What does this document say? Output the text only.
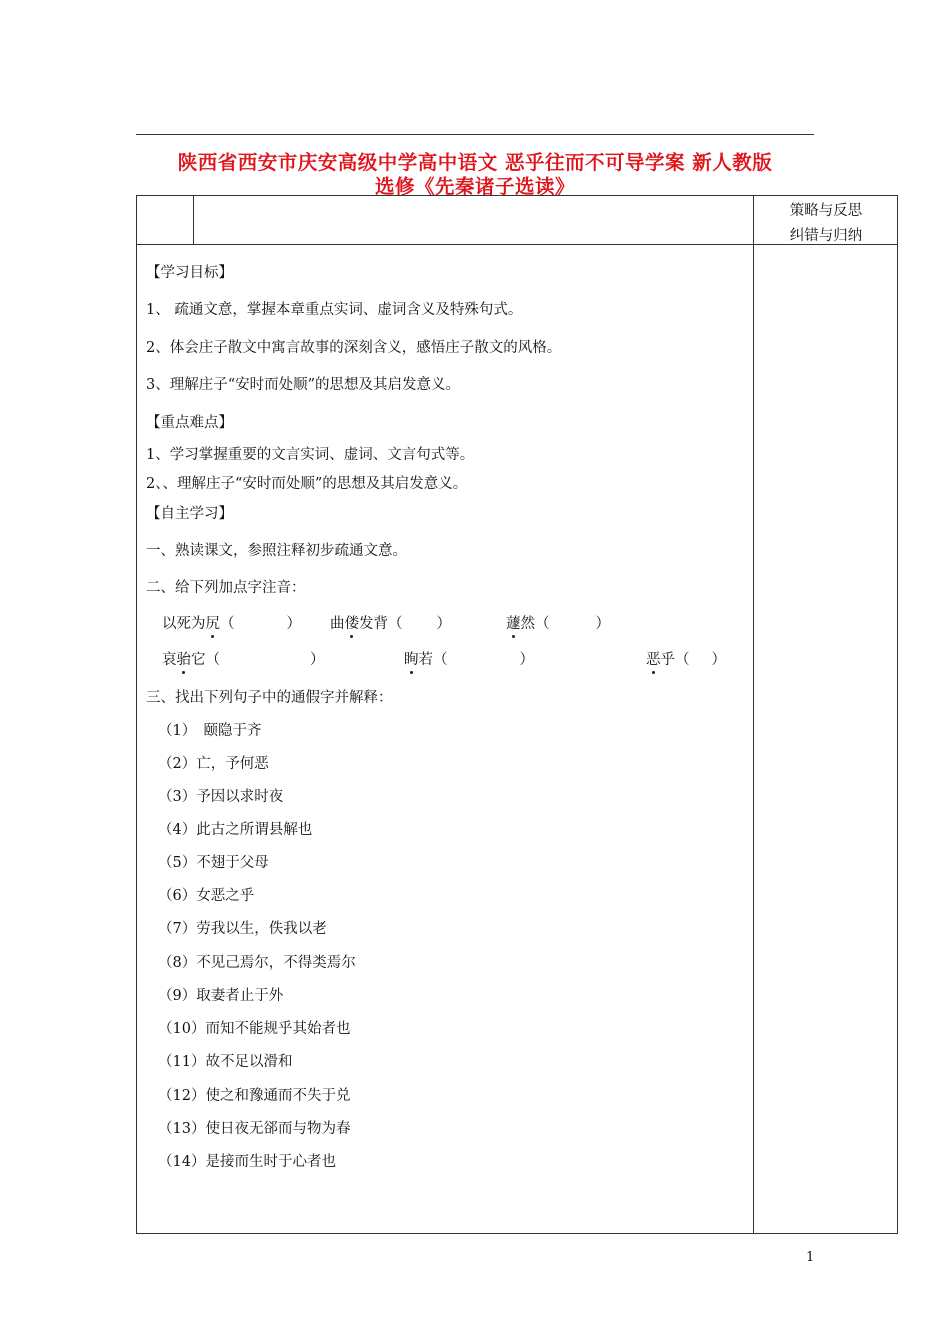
陕西省西安市庆安高级中学高中语文 恶乎往而不可导学案 新人教版
选修《先秦诸子选读》
策略与反思
纠错与归纳
【学习目标】
1、 疏通文意，掌握本章重点实词、虚词含义及特殊句式。
2、体会庄子散文中寓言故事的深刻含义，感悟庄子散文的风格。
3、理解庄子“安时而处顺”的思想及其启发意义。
【重点难点】
1、学习掌握重要的文言实词、虚词、文言句式等。
2、、理解庄子“安时而处顺”的思想及其启发意义。
【自主学习】
一、熟读课文，参照注释初步疏通文意。
二、给下列加点字注音：
以死为尻（	） 曲偻发背（ ）	蘧然（	）
哀骀它（	）	眴若（	）	恶乎（ ）
三、找出下列句子中的通假字并解释：
（1）　颐隐于齐
（2）亡，予何恶
（3）予因以求时夜
（4）此古之所谓县解也
（5）不翅于父母
（6）女恶之乎
（7）劳我以生，佚我以老
（8）不见己焉尔，不得类焉尔
（9）取妻者止于外
（10）而知不能规乎其始者也
（11）故不足以滑和
（12）使之和豫通而不失于兑
（13）使日夜无郤而与物为春
（14）是接而生时于心者也
1
